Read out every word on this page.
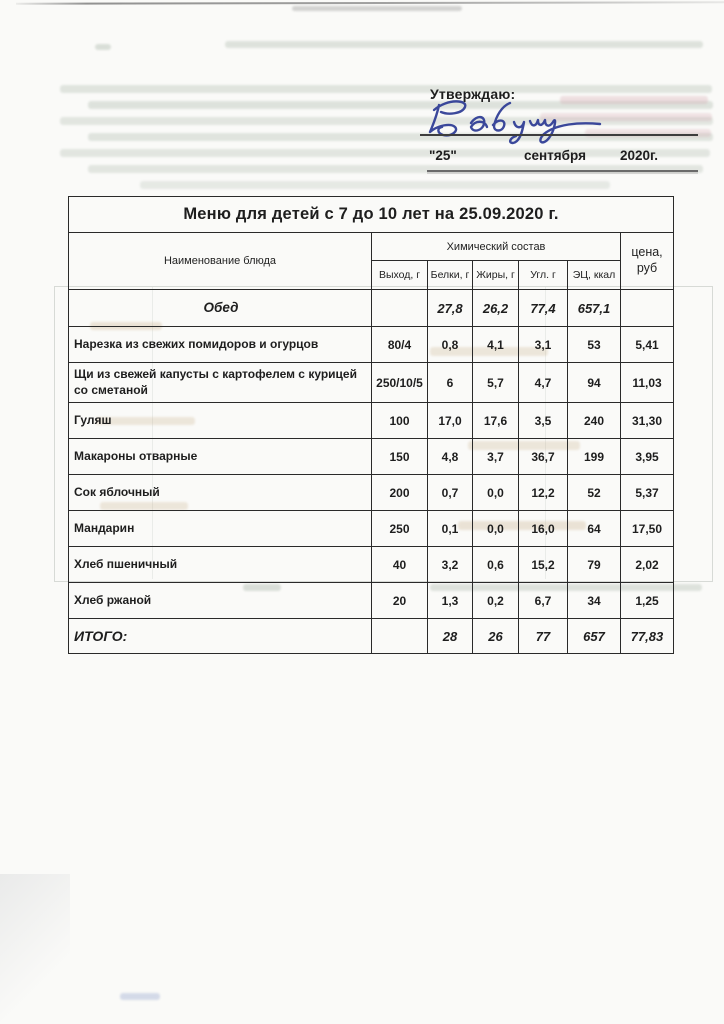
Утверждаю:
"25"	сентября	2020г.
Меню для детей с 7 до 10 лет на 25.09.2020 г.						
Наименование блюда	Химический состав					цена, руб
	Выход, г	Белки, г	Жиры, г	Угл. г	ЭЦ, ккал	
Обед		27,8	26,2	77,4	657,1	
Нарезка из свежих помидоров и огурцов	80/4	0,8	4,1	3,1	53	5,41
Щи из свежей капусты с картофелем с курицей со сметаной	250/10/5	6	5,7	4,7	94	11,03
Гуляш	100	17,0	17,6	3,5	240	31,30
Макароны отварные	150	4,8	3,7	36,7	199	3,95
Сок яблочный	200	0,7	0,0	12,2	52	5,37
Мандарин	250	0,1	0,0	16,0	64	17,50
Хлеб пшеничный	40	3,2	0,6	15,2	79	2,02
Хлеб ржаной	20	1,3	0,2	6,7	34	1,25
ИТОГО:		28	26	77	657	77,83
